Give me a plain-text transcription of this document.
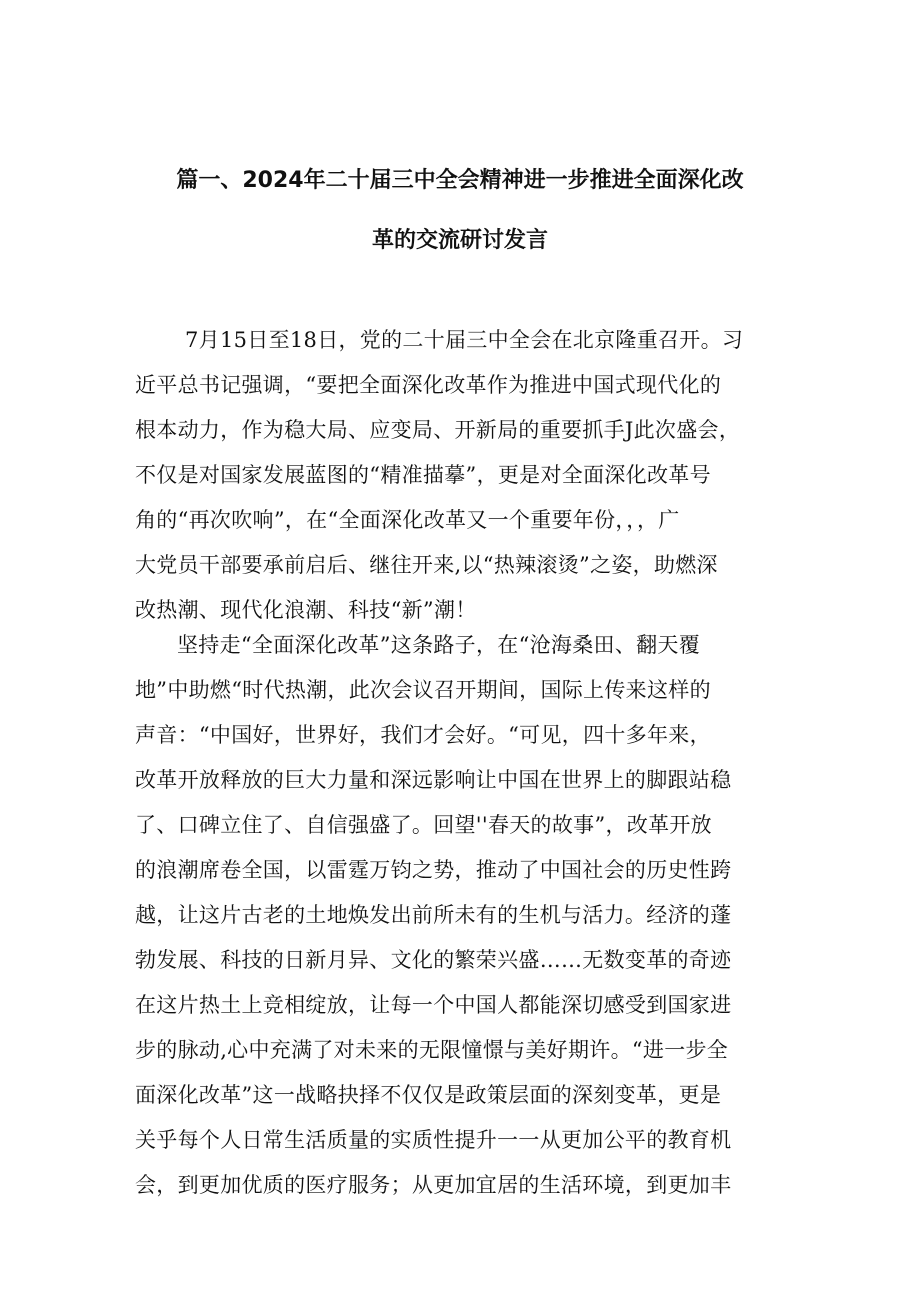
篇一、2024年二十届三中全会精神进一步推进全面深化改
革的交流研讨发言
7月15日至18日，党的二十届三中全会在北京隆重召开。习
近平总书记强调，“要把全面深化改革作为推进中国式现代化的
根本动力，作为稳大局、应变局、开新局的重要抓手J此次盛会，
不仅是对国家发展蓝图的“精准描摹”，更是对全面深化改革号
角的“再次吹响”，在“全面深化改革又一个重要年份，，，广
大党员干部要承前启后、继往开来,以“热辣滚烫”之姿，助燃深
改热潮、现代化浪潮、科技“新”潮！
坚持走“全面深化改革”这条路子，在“沧海桑田、翻天覆
地”中助燃“时代热潮，此次会议召开期间，国际上传来这样的
声音：“中国好，世界好，我们才会好。“可见，四十多年来，
改革开放释放的巨大力量和深远影响让中国在世界上的脚跟站稳
了、口碑立住了、自信强盛了。回望''春天的故事”，改革开放
的浪潮席卷全国，以雷霆万钧之势，推动了中国社会的历史性跨
越，让这片古老的土地焕发出前所未有的生机与活力。经济的蓬
勃发展、科技的日新月异、文化的繁荣兴盛……无数变革的奇迹
在这片热土上竞相绽放，让每一个中国人都能深切感受到国家进
步的脉动,心中充满了对未来的无限憧憬与美好期许。“进一步全
面深化改革”这一战略抉择不仅仅是政策层面的深刻变革，更是
关乎每个人日常生活质量的实质性提升一一从更加公平的教育机
会，到更加优质的医疗服务；从更加宜居的生活环境，到更加丰
